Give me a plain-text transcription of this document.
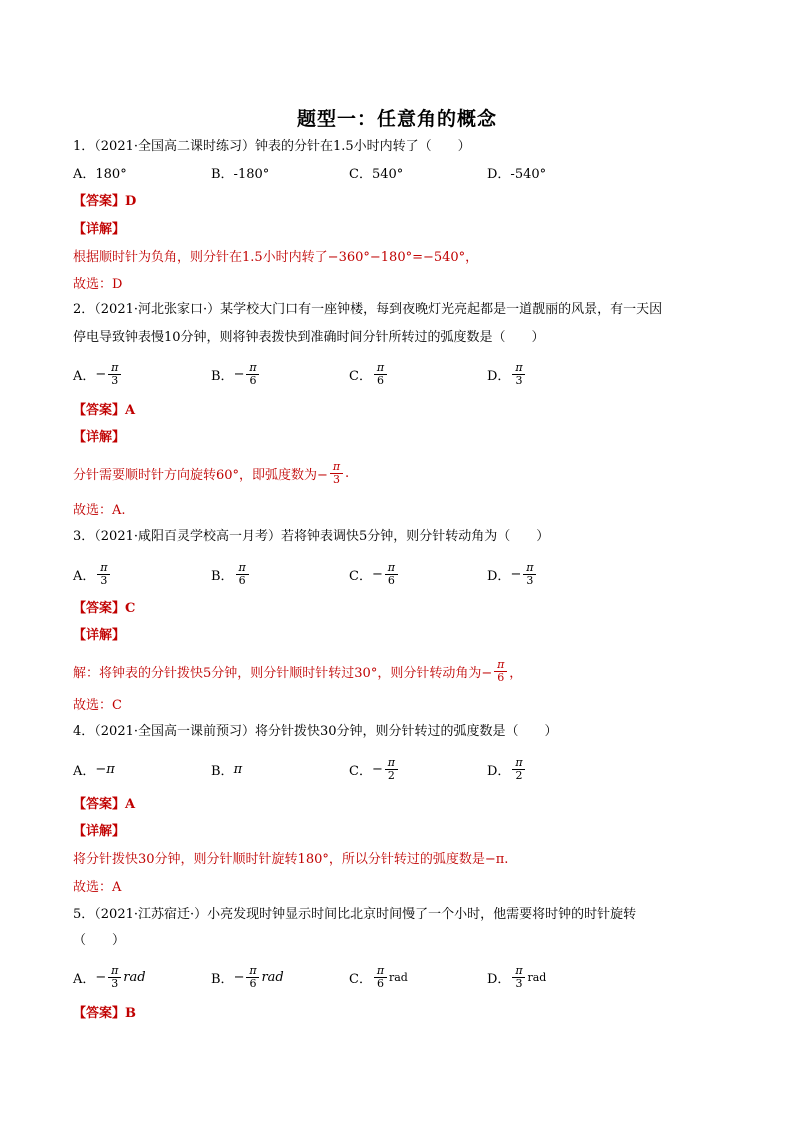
题型一：任意角的概念
1．（2021·全国高二课时练习）钟表的分针在1.5小时内转了（　　）
A．180°	B．-180°	C．540°	D．-540°
【答案】D
【详解】
根据顺时针为负角，则分针在1.5小时内转了−360°−180°=−540°，
故选：D
2．（2021·河北张家口·）某学校大门口有一座钟楼，每到夜晚灯光亮起都是一道靓丽的风景，有一天因
停电导致钟表慢10分钟，则将钟表拨快到准确时间分针所转过的弧度数是（　　）
A． − $\frac{\pi}{3}$	B． − $\frac{\pi}{6}$	C． $\frac{\pi}{6}$	D． $\frac{\pi}{3}$
【答案】A
【详解】
分针需要顺时针方向旋转60°，即弧度数为− $\frac{\pi}{3}$ .
故选：A.
3．（2021·咸阳百灵学校高一月考）若将钟表调快5分钟，则分针转动角为（　　）
A． $\frac{\pi}{3}$	B． $\frac{\pi}{6}$	C． − $\frac{\pi}{6}$	D． − $\frac{\pi}{3}$
【答案】C
【详解】
解：将钟表的分针拨快5分钟，则分针顺时针转过30°，则分针转动角为− $\frac{\pi}{6}$ ，
故选：C
4．（2021·全国高一课前预习）将分针拨快30分钟，则分针转过的弧度数是（　　）
A． −π	B． π	C． − $\frac{\pi}{2}$	D． $\frac{\pi}{2}$
【答案】A
【详解】
将分针拨快30分钟，则分针顺时针旋转180°，所以分针转过的弧度数是−π.
故选：A
5．（2021·江苏宿迁·）小亮发现时钟显示时间比北京时间慢了一个小时，他需要将时钟的时针旋转
（　　）
A． − $\frac{\pi}{3}$ rad	B． − $\frac{\pi}{6}$ rad	C． $\frac{\pi}{6}$ rad	D． $\frac{\pi}{3}$ rad
【答案】B
